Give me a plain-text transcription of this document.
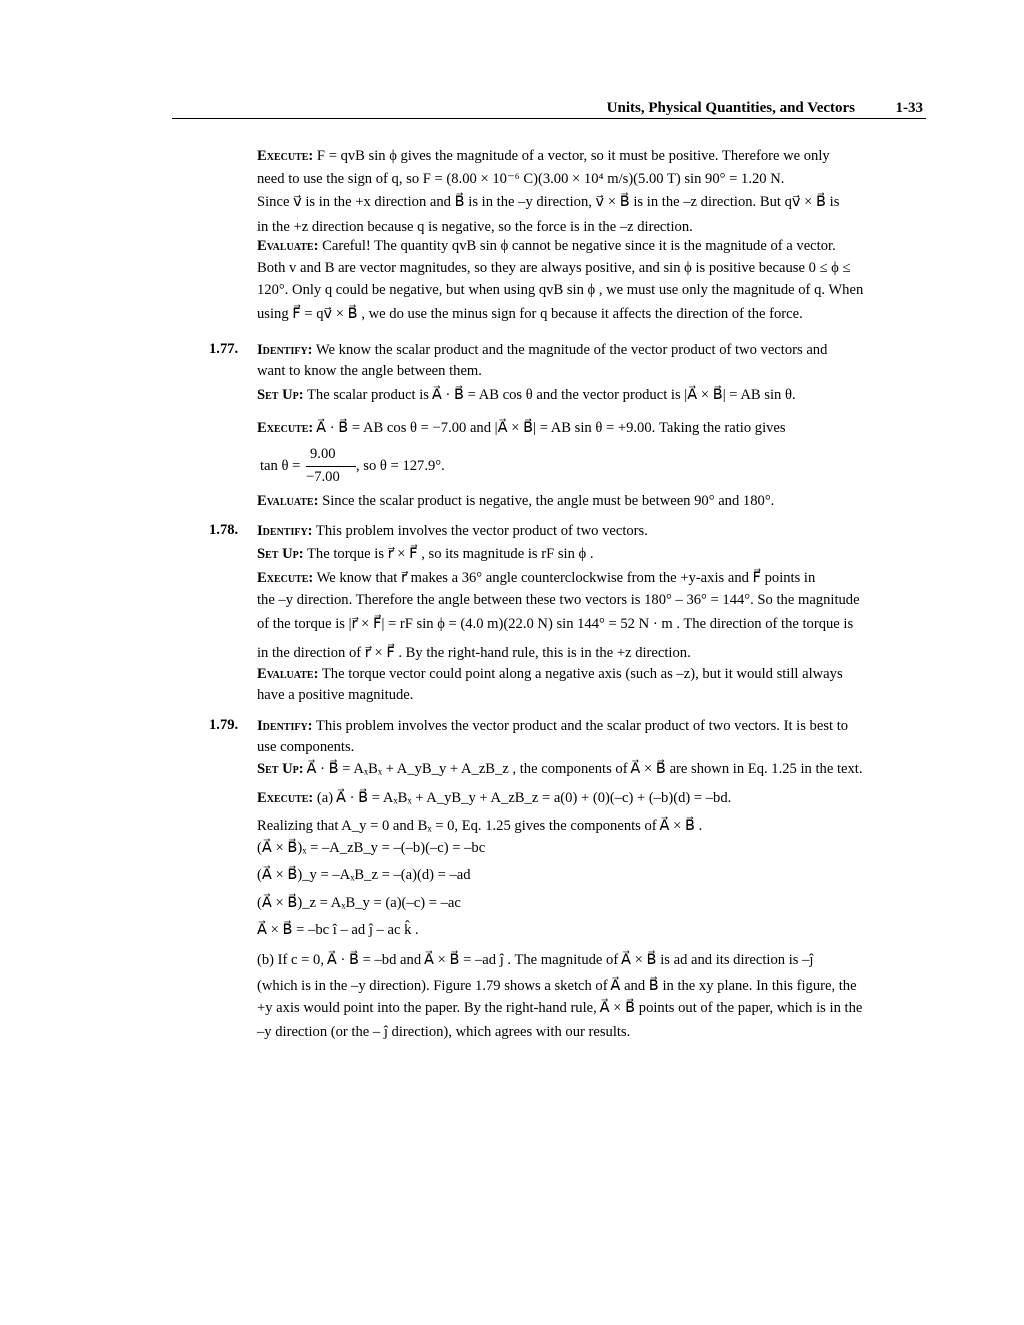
Units, Physical Quantities, and Vectors	1-33
1.77.
1.78.
1.79.
Execute: F = qvB sin ϕ gives the magnitude of a vector, so it must be positive. Therefore we only
need to use the sign of q, so F = (8.00 × 10⁻⁶ C)(3.00 × 10⁴ m/s)(5.00 T) sin 90° = 1.20 N.
Since v⃗ is in the +x direction and B⃗ is in the –y direction, v⃗ × B⃗ is in the –z direction. But qv⃗ × B⃗ is
in the +z direction because q is negative, so the force is in the –z direction.
Evaluate: Careful! The quantity qvB sin ϕ cannot be negative since it is the magnitude of a vector.
Both v and B are vector magnitudes, so they are always positive, and sin ϕ is positive because 0 ≤ ϕ ≤
120°. Only q could be negative, but when using qvB sin ϕ , we must use only the magnitude of q. When
using F⃗ = qv⃗ × B⃗ , we do use the minus sign for q because it affects the direction of the force.
Identify: We know the scalar product and the magnitude of the vector product of two vectors and
want to know the angle between them.
Set Up: The scalar product is A⃗ · B⃗ = AB cos θ and the vector product is |A⃗ × B⃗| = AB sin θ.
Execute: A⃗ · B⃗ = AB cos θ = −7.00 and |A⃗ × B⃗| = AB sin θ = +9.00. Taking the ratio gives
Evaluate: Since the scalar product is negative, the angle must be between 90° and 180°.
Identify: This problem involves the vector product of two vectors.
Set Up: The torque is r⃗ × F⃗ , so its magnitude is rF sin ϕ .
Execute: We know that r⃗ makes a 36° angle counterclockwise from the +y-axis and F⃗ points in
the –y direction. Therefore the angle between these two vectors is 180° – 36° = 144°. So the magnitude
of the torque is |r⃗ × F⃗| = rF sin ϕ = (4.0 m)(22.0 N) sin 144° = 52 N · m . The direction of the torque is
in the direction of r⃗ × F⃗ . By the right-hand rule, this is in the +z direction.
Evaluate: The torque vector could point along a negative axis (such as –z), but it would still always
have a positive magnitude.
Identify: This problem involves the vector product and the scalar product of two vectors. It is best to
use components.
Set Up: A⃗ · B⃗ = AₓBₓ + A_yB_y + A_zB_z , the components of A⃗ × B⃗ are shown in Eq. 1.25 in the text.
Execute: (a) A⃗ · B⃗ = AₓBₓ + A_yB_y + A_zB_z = a(0) + (0)(–c) + (–b)(d) = –bd.
Realizing that A_y = 0 and Bₓ = 0, Eq. 1.25 gives the components of A⃗ × B⃗ .
(A⃗ × B⃗)ₓ = –A_zB_y = –(–b)(–c) = –bc
(A⃗ × B⃗)_y = –AₓB_z = –(a)(d) = –ad
(A⃗ × B⃗)_z = AₓB_y = (a)(–c) = –ac
A⃗ × B⃗ = –bc î – ad ĵ – ac k̂ .
(b) If c = 0, A⃗ · B⃗ = –bd and A⃗ × B⃗ = –ad ĵ . The magnitude of A⃗ × B⃗ is ad and its direction is –ĵ
(which is in the –y direction). Figure 1.79 shows a sketch of A⃗ and B⃗ in the xy plane. In this figure, the
+y axis would point into the paper. By the right-hand rule, A⃗ × B⃗ points out of the paper, which is in the
–y direction (or the – ĵ direction), which agrees with our results.
tan θ =
9.00
−7.00
, so θ = 127.9°.
